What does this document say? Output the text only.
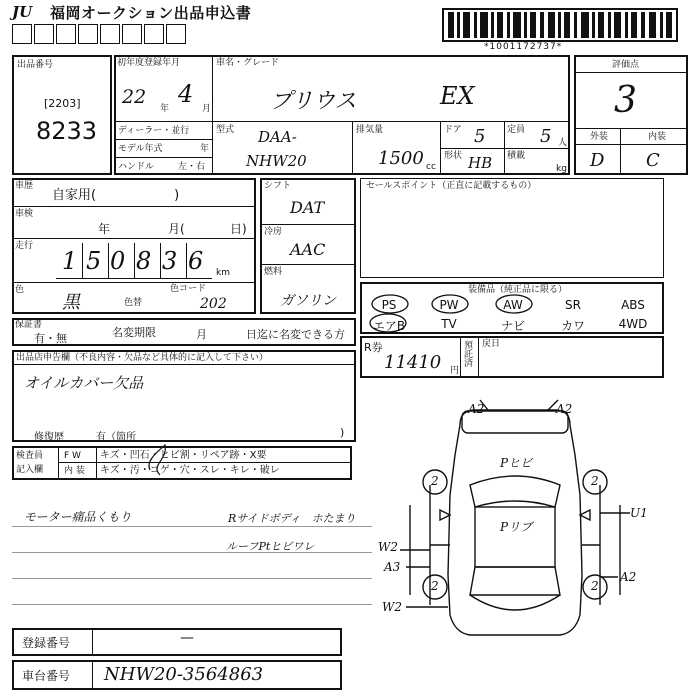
JU	福岡オークション出品申込書
*1001172737*
出品番号
[2203]
8233
初年度登録年月
22
年
4
月
車名・グレード
プリウス	EX
ディーラー・並行
モデル年式	年
ハンドル	左・右
型式 DAA-
NHW20
排気量
1500 cc
ドア 5 定員 5 人
形状 HB 積載
kg
評価点
3
外装	内装
D C
車歴
自家用(　　　　　　)
車検
年	月(	日)
走行
1 5 0 8 3 6 km
色
黒	色替
色コード
202
シフト
DAT
冷房
AAC
燃料
ガソリン
セールスポイント（正直に記載するもの）
装備品（純正品に限る）
PS	PW	AW	SR	ABS
エアB	TV	ナビ	カワ	4WD
保証書
有・無	名変期限	月	日迄に名変できる方
R券
11410 円
預託済 戻日
出品店申告欄（不良内容・欠品など具体的に記入して下さい）
オイルカバー欠品
修復歴	有（箇所	)
検査員
記入欄
F W
内 装
キズ・凹石・ヒビ割・リペア跡・X要
キズ・汚・コゲ・穴・スレ・キレ・破レ
モーター痛品くもり	Rサイドボディ　ホたまり
ルーフPtヒビワレ
A2	A2
Pヒビ
Pリブ
U1
W2
A3
A2
W2
2	2
2	2
登録番号	—
車台番号 NHW20-3564863
